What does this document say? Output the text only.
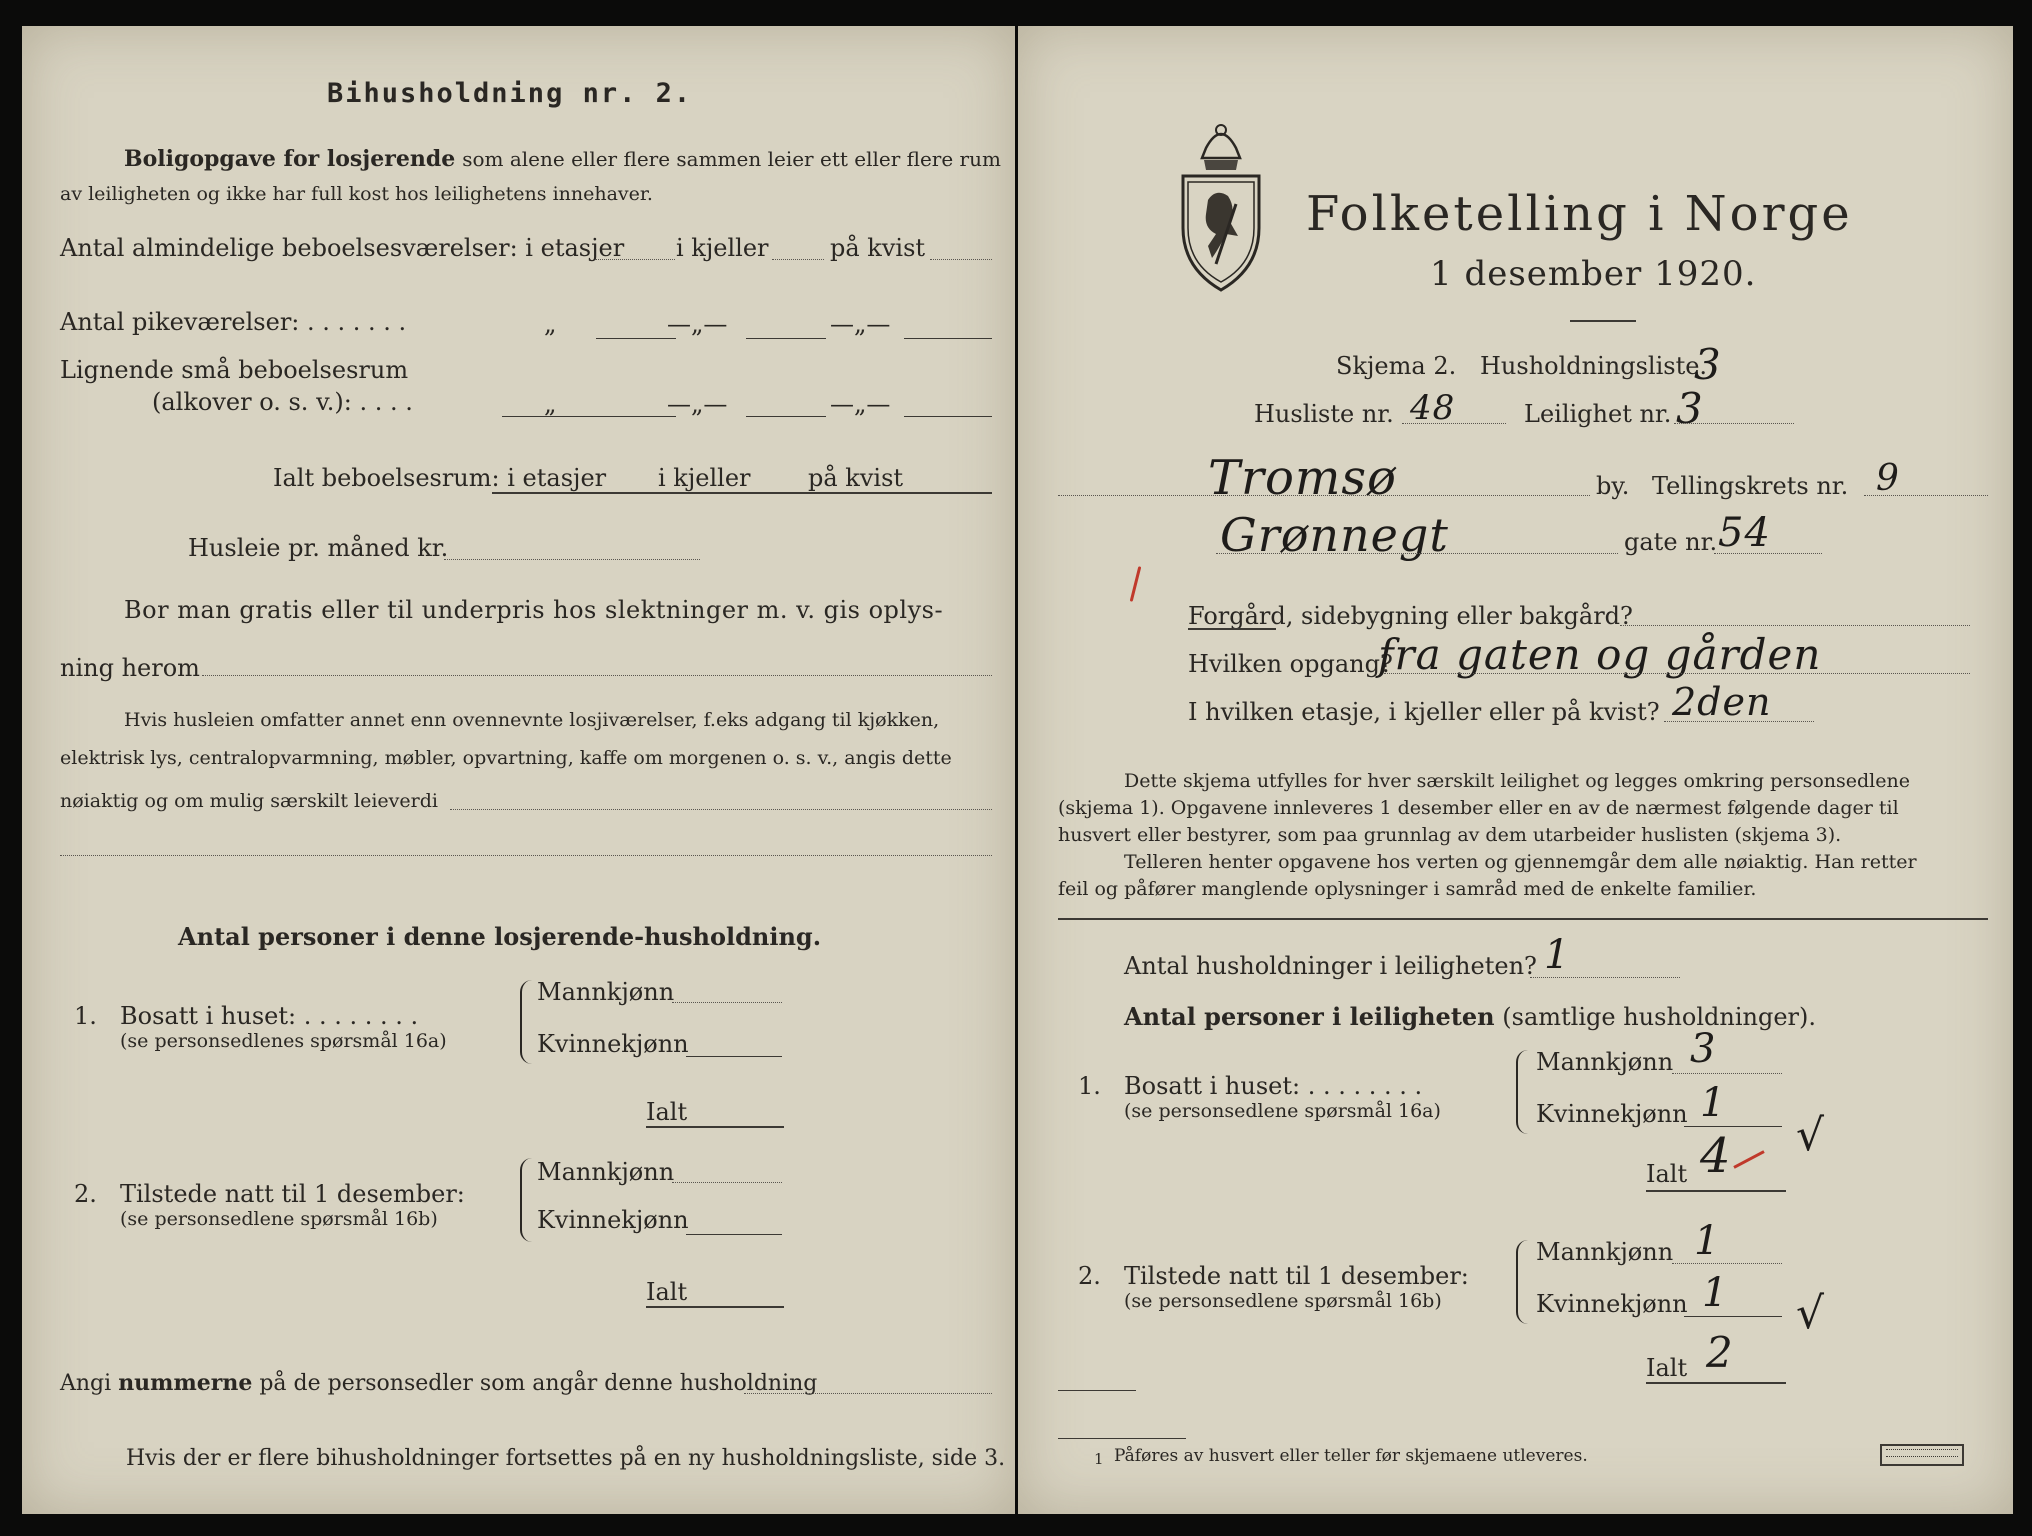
Bihusholdning nr. 2.
Boligopgave for losjerende som alene eller flere sammen leier ett eller flere rum
av leiligheten og ikke har full kost hos leilighetens innehaver.
Antal almindelige beboelsesværelser: i etasjer i kjeller	på kvist
Antal pikeværelser: . . . . . . .	„	—„—	—„—
Lignende små beboelsesrum
(alkover o. s. v.): . . . .	„	—„—	—„—
Ialt beboelsesrum: i etasjer i kjeller på kvist
Husleie pr. måned kr.
Bor man gratis eller til underpris hos slektninger m. v. gis oplys-
ning herom
Hvis husleien omfatter annet enn ovennevnte losjiværelser, f.eks adgang til kjøkken,
elektrisk lys, centralopvarmning, møbler, opvartning, kaffe om morgenen o. s. v., angis dette
nøiaktig og om mulig særskilt leieverdi
Antal personer i denne losjerende-husholdning.
1. Bosatt i huset: . . . . . . . .
(se personsedlenes spørsmål 16a)
Mannkjønn
Kvinnekjønn
Ialt
2. Tilstede natt til 1 desember:
(se personsedlene spørsmål 16b)
Mannkjønn
Kvinnekjønn
Ialt
Angi nummerne på de personsedler som angår denne husholdning
Hvis der er flere bihusholdninger fortsettes på en ny husholdningsliste, side 3.
Folketelling i Norge
1 desember 1920.
Skjema 2. Husholdningsliste.
3
Husliste nr. 48	Leilighet nr. 3
Tromsø	by. Tellingskrets nr. 9
Grønnegt	gate nr. 54
Forgård, sidebygning eller bakgård?
Hvilken opgang?
fra gaten og gården
I hvilken etasje, i kjeller eller på kvist? 2den
Dette skjema utfylles for hver særskilt leilighet og legges omkring personsedlene
(skjema 1). Opgavene innleveres 1 desember eller en av de nærmest følgende dager til
husvert eller bestyrer, som paa grunnlag av dem utarbeider huslisten (skjema 3).
Telleren henter opgavene hos verten og gjennemgår dem alle nøiaktig. Han retter
feil og påfører manglende oplysninger i samråd med de enkelte familier.
Antal husholdninger i leiligheten? 1
Antal personer i leiligheten (samtlige husholdninger).
1. Bosatt i huset: . . . . . . . .
(se personsedlene spørsmål 16a)
Mannkjønn 3
Kvinnekjønn 1
Ialt 4 √
2. Tilstede natt til 1 desember:
(se personsedlene spørsmål 16b)
Mannkjønn 1
Kvinnekjønn 1
Ialt 2
√
1 Påføres av husvert eller teller før skjemaene utleveres.
